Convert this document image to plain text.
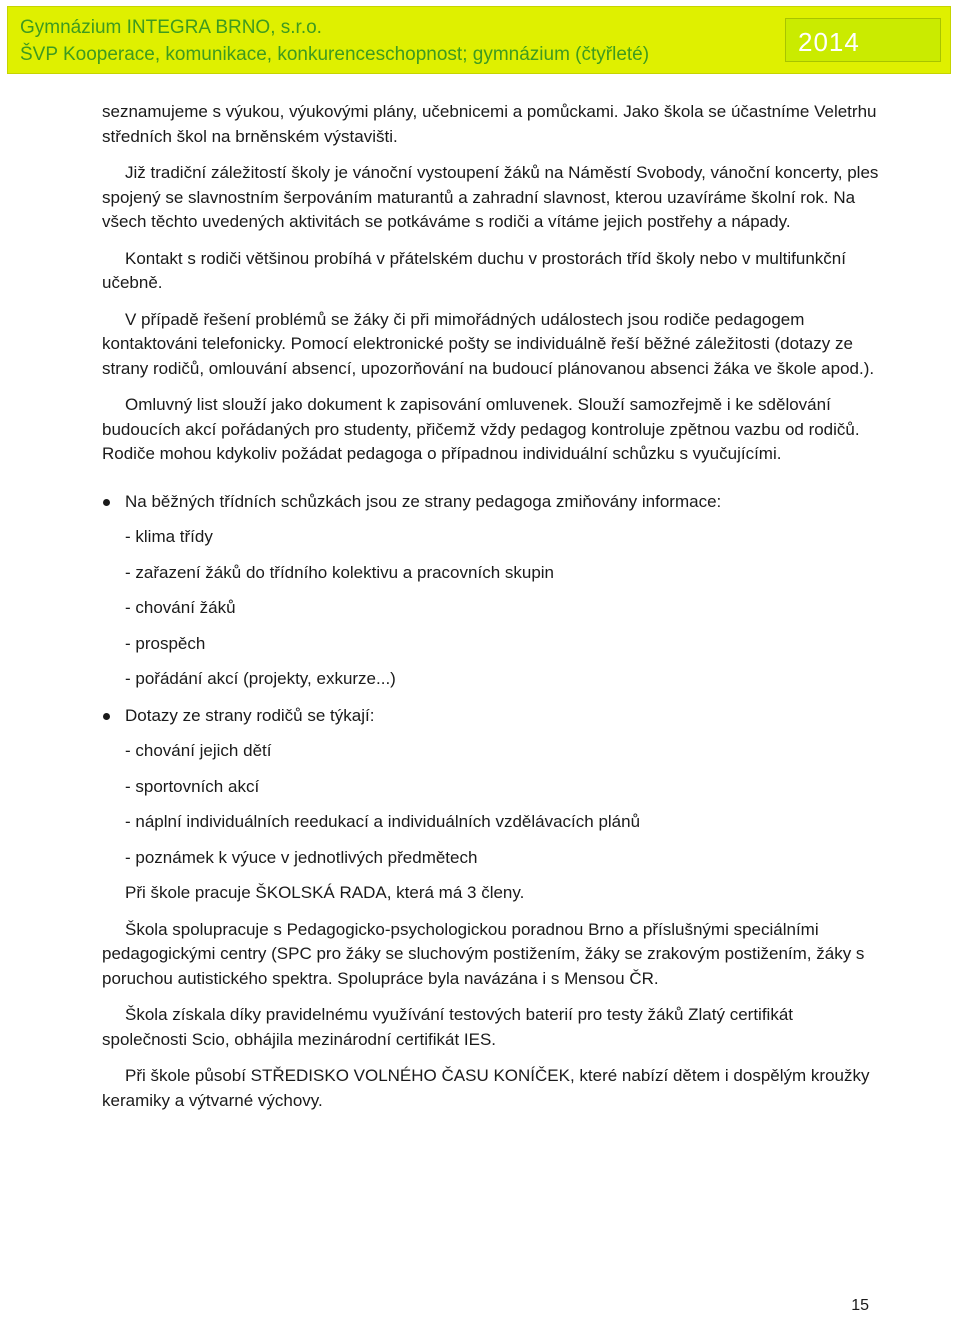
Gymnázium INTEGRA BRNO, s.r.o.
ŠVP Kooperace, komunikace, konkurenceschopnost; gymnázium (čtyřleté)	2014

seznamujeme s výukou, výukovými plány, učebnicemi a pomůckami. Jako škola se účastníme Veletrhu středních škol na brněnském výstavišti.

Již tradiční záležitostí školy je vánoční vystoupení žáků na Náměstí Svobody, vánoční koncerty, ples spojený se slavnostním šerpováním maturantů a zahradní slavnost, kterou uzavíráme školní rok. Na všech těchto uvedených aktivitách se potkáváme s rodiči a vítáme jejich postřehy a nápady.

Kontakt s rodiči většinou probíhá v přátelském duchu v prostorách tříd školy nebo v multifunkční učebně.

V případě řešení problémů se žáky či při mimořádných událostech jsou rodiče pedagogem kontaktováni telefonicky. Pomocí elektronické pošty se individuálně řeší běžné záležitosti (dotazy ze strany rodičů, omlouvání absencí, upozorňování na budoucí plánovanou absenci žáka ve škole apod.).

Omluvný list slouží jako dokument k zapisování omluvenek. Slouží samozřejmě i ke sdělování budoucích akcí pořádaných pro studenty, přičemž vždy pedagog kontroluje zpětnou vazbu od rodičů. Rodiče mohou kdykoliv požádat pedagoga o případnou individuální schůzku s vyučujícími.

Na běžných třídních schůzkách jsou ze strany pedagoga zmiňovány informace:
- klima třídy
- zařazení žáků do třídního kolektivu a pracovních skupin
- chování žáků
- prospěch
- pořádání akcí (projekty, exkurze...)
Dotazy ze strany rodičů se týkají:
- chování jejich dětí
- sportovních akcí
- náplní individuálních reedukací a individuálních vzdělávacích plánů
- poznámek k výuce v jednotlivých předmětech
Při škole pracuje ŠKOLSKÁ RADA, která má 3 členy.

Škola spolupracuje s Pedagogicko-psychologickou poradnou Brno a příslušnými speciálními pedagogickými centry (SPC pro žáky se sluchovým postižením, žáky se zrakovým postižením, žáky s poruchou autistického spektra. Spolupráce byla navázána i s Mensou ČR.

Škola získala díky pravidelnému využívání testových baterií pro testy žáků Zlatý certifikát společnosti Scio, obhájila mezinárodní certifikát IES.

Při škole působí STŘEDISKO VOLNÉHO ČASU KONÍČEK, které nabízí dětem i dospělým kroužky keramiky a výtvarné výchovy.

15
